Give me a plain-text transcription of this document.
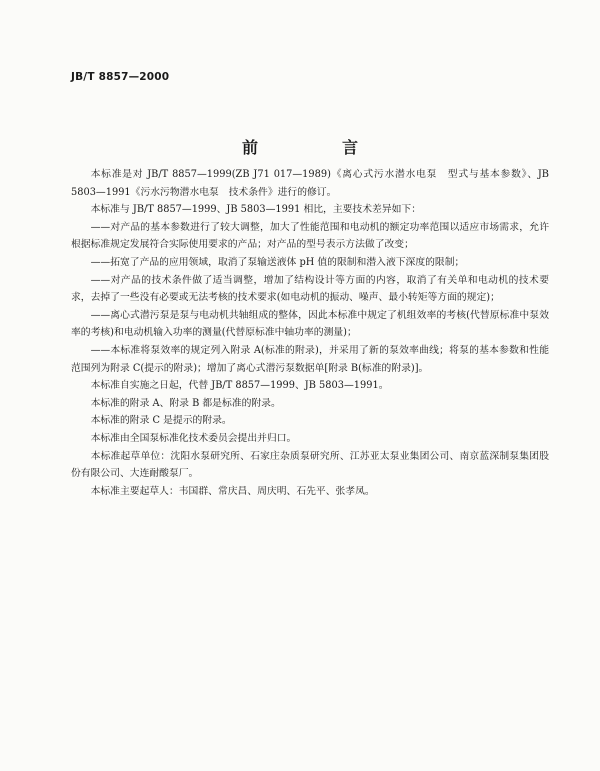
JB/T 8857—2000
前　言

本标准是对 JB/T 8857—1999(ZB J71 017—1989)《离心式污水潜水电泵　型式与基本参数》、JB 5803—1991《污水污物潜水电泵　技术条件》进行的修订。

本标准与 JB/T 8857—1999、JB 5803—1991 相比，主要技术差异如下：

——对产品的基本参数进行了较大调整，加大了性能范围和电动机的额定功率范围以适应市场需求，允许根据标准规定发展符合实际使用要求的产品；对产品的型号表示方法做了改变；

——拓宽了产品的应用领域，取消了泵输送液体 pH 值的限制和潜入液下深度的限制；

——对产品的技术条件做了适当调整，增加了结构设计等方面的内容，取消了有关单和电动机的技术要求，去掉了一些没有必要或无法考核的技术要求(如电动机的振动、噪声、最小转矩等方面的规定)；

——离心式潜污泵是泵与电动机共轴组成的整体，因此本标准中规定了机组效率的考核(代替原标准中泵效率的考核)和电动机输入功率的测量(代替原标准中轴功率的测量)；

——本标准将泵效率的规定列入附录 A(标准的附录)，并采用了新的泵效率曲线；将泵的基本参数和性能范围列为附录 C(提示的附录)；增加了离心式潜污泵数据单[附录 B(标准的附录)]。

本标准自实施之日起，代替 JB/T 8857—1999、JB 5803—1991。

本标准的附录 A、附录 B 都是标准的附录。

本标准的附录 C 是提示的附录。

本标准由全国泵标准化技术委员会提出并归口。

本标准起草单位：沈阳水泵研究所、石家庄杂质泵研究所、江苏亚太泵业集团公司、南京蓝深制泵集团股份有限公司、大连耐酸泵厂。

本标准主要起草人：韦国群、常庆昌、周庆明、石先平、张孝凤。
